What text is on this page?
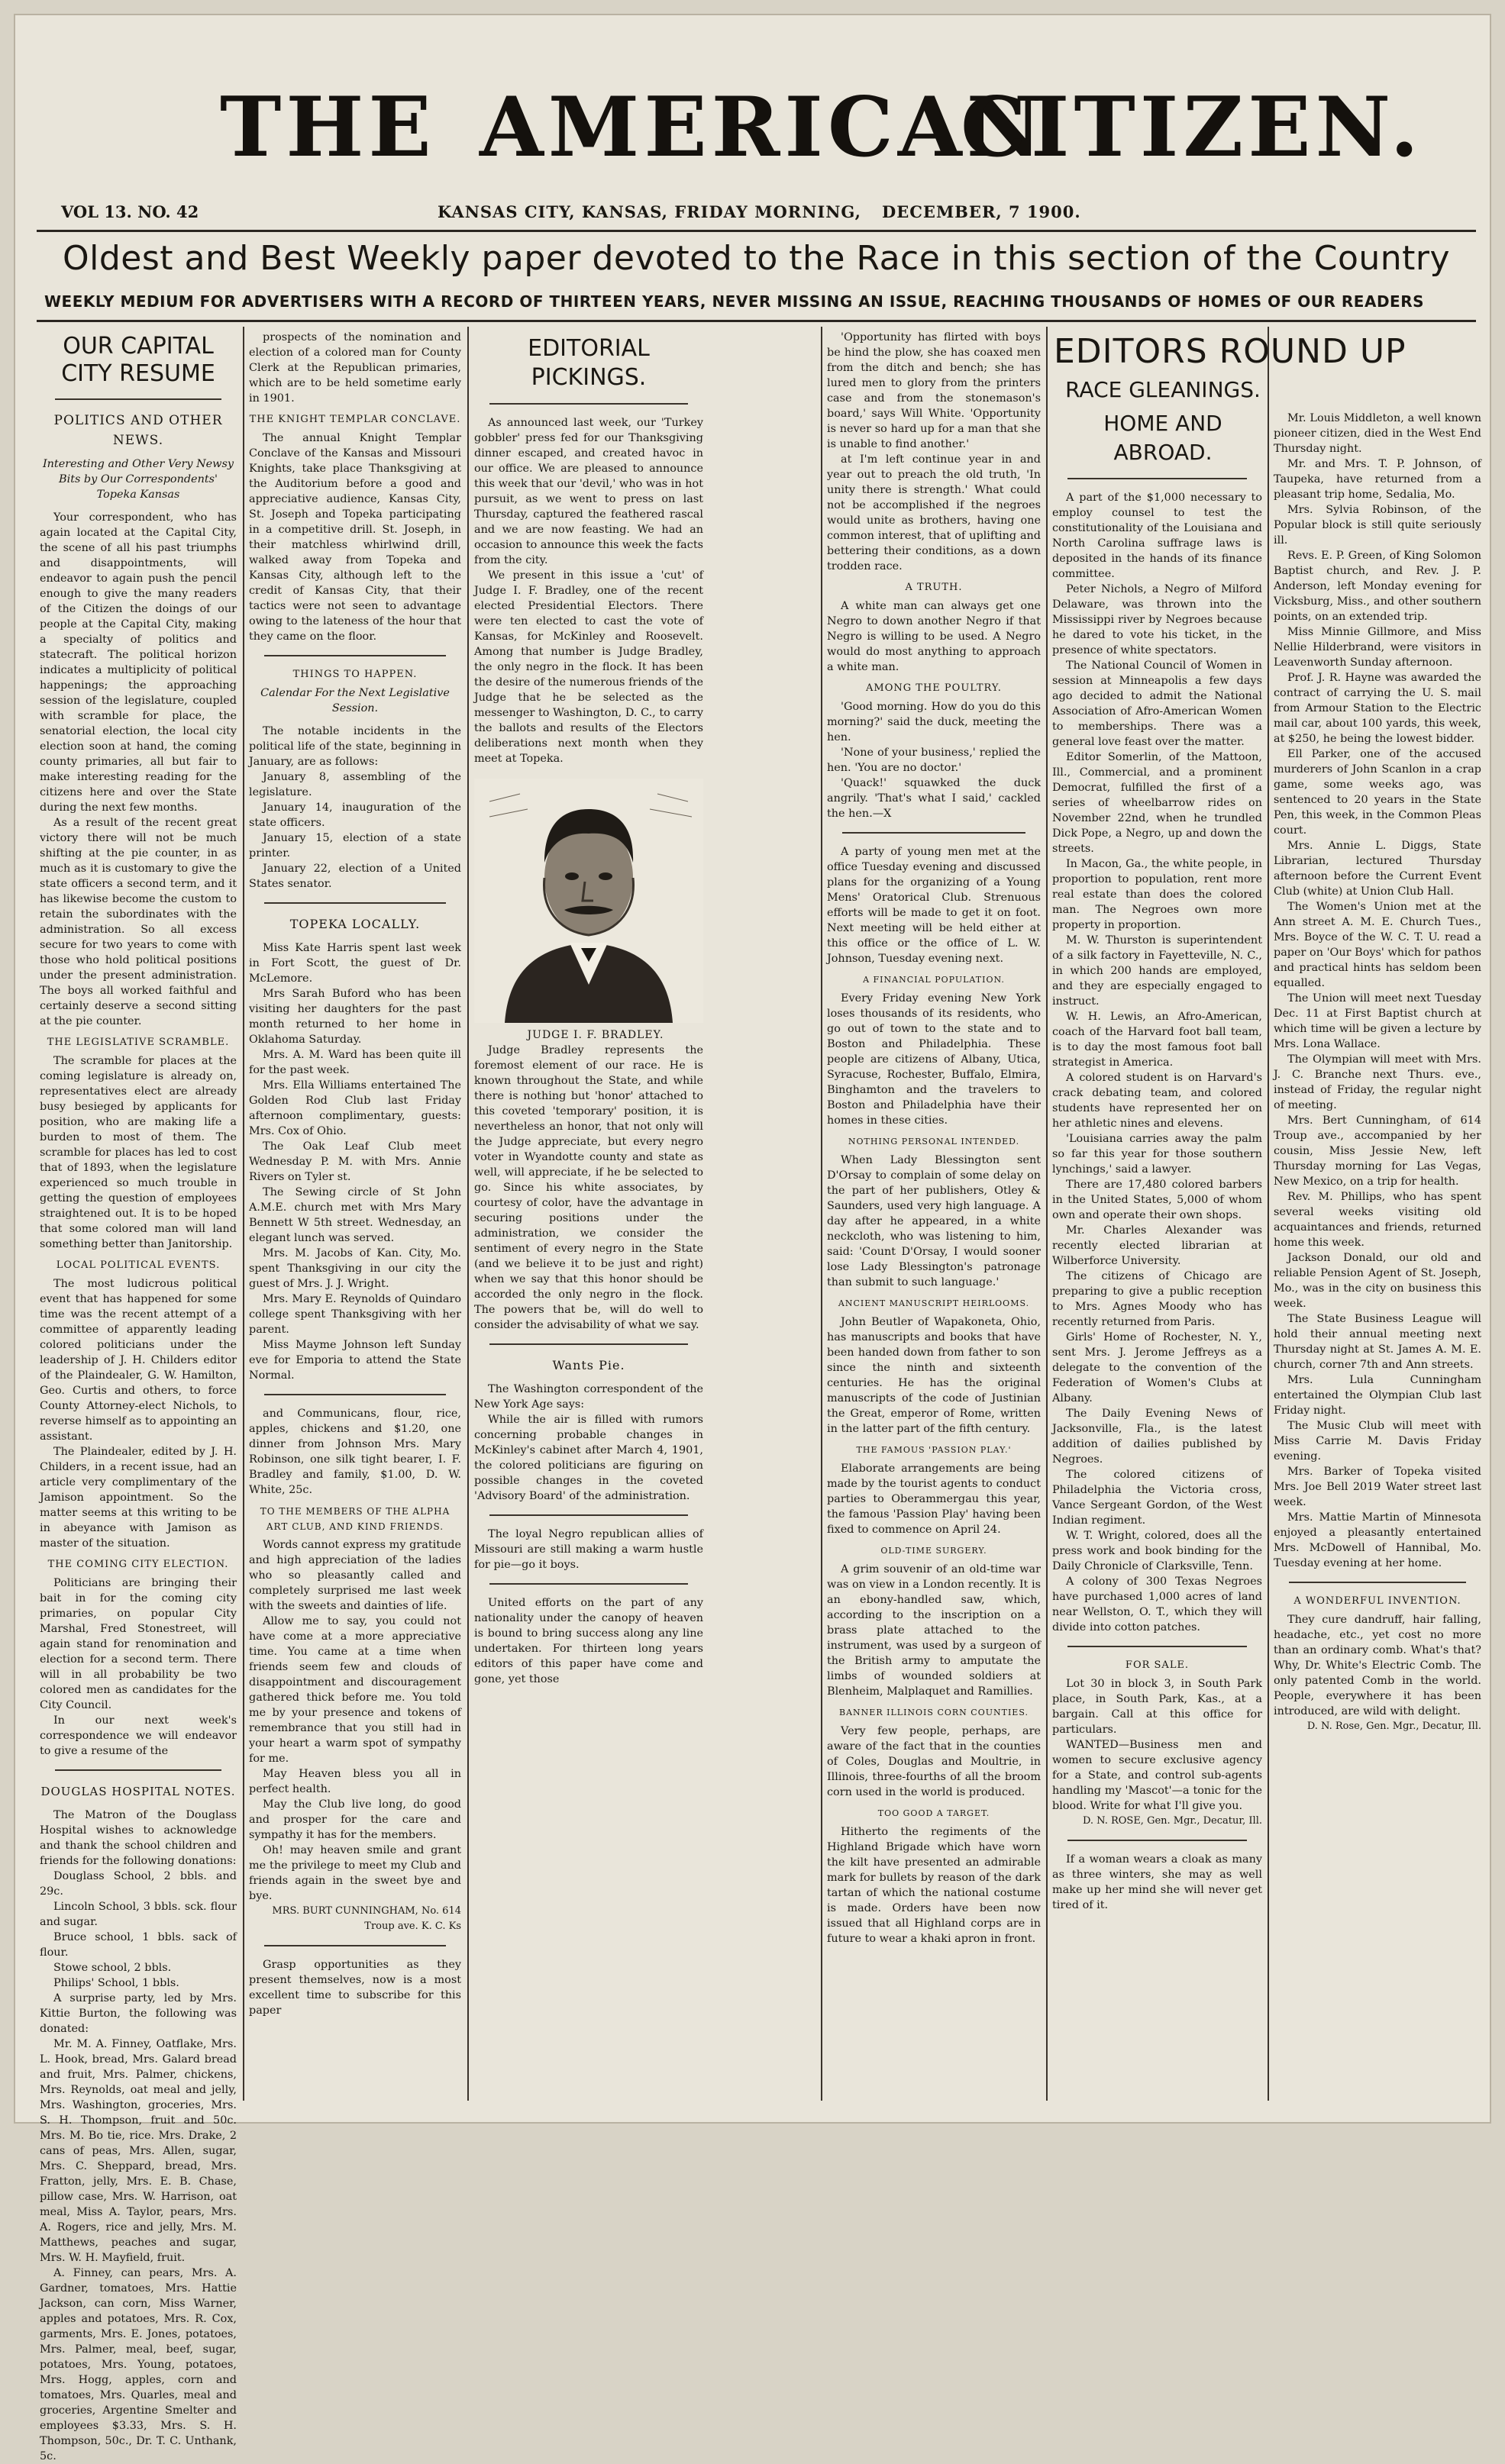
THE AMERICAN
CITIZEN.
VOL 13. NO. 42	KANSAS CITY, KANSAS, FRIDAY MORNING, DECEMBER, 7 1900.
Oldest and Best Weekly paper devoted to the Race in this section of the Country
WEEKLY MEDIUM FOR ADVERTISERS WITH A RECORD OF THIRTEEN YEARS, NEVER MISSING AN ISSUE, REACHING THOUSANDS OF HOMES OF OUR READERS
OUR CAPITAL CITY RESUME
POLITICS AND OTHER NEWS.

Interesting and Other Very Newsy Bits by Our Correspondents' Topeka Kansas

Your correspondent, who has again located at the Capital City, the scene of all his past triumphs and disappointments, will endeavor to again push the pencil enough to give the many readers of the Citizen the doings of our people at the Capital City, making a specialty of politics and statecraft. The political horizon indicates a multiplicity of political happenings; the approaching session of the legislature, coupled with scramble for place, the senatorial election, the local city election soon at hand, the coming county primaries, all but fair to make interesting reading for the citizens here and over the State during the next few months.

As a result of the recent great victory there will not be much shifting at the pie counter, in as much as it is customary to give the state officers a second term, and it has likewise become the custom to retain the subordinates with the administration. So all excess secure for two years to come with those who hold political positions under the present administration. The boys all worked faithful and certainly deserve a second sitting at the pie counter.

THE LEGISLATIVE SCRAMBLE.

The scramble for places at the coming legislature is already on, representatives elect are already busy besieged by applicants for position, who are making life a burden to most of them. The scramble for places has led to cost that of 1893, when the legislature experienced so much trouble in getting the question of employees straightened out. It is to be hoped that some colored man will land something better than Janitorship.

LOCAL POLITICAL EVENTS.

The most ludicrous political event that has happened for some time was the recent attempt of a committee of apparently leading colored politicians under the leadership of J. H. Childers editor of the Plaindealer, G. W. Hamilton, Geo. Curtis and others, to force County Attorney-elect Nichols, to reverse himself as to appointing an assistant.

The Plaindealer, edited by J. H. Childers, in a recent issue, had an article very complimentary of the Jamison appointment. So the matter seems at this writing to be in abeyance with Jamison as master of the situation.

THE COMING CITY ELECTION.

Politicians are bringing their bait in for the coming city primaries, on popular City Marshal, Fred Stonestreet, will again stand for renomination and election for a second term. There will in all probability be two colored men as candidates for the City Council.

In our next week's correspondence we will endeavor to give a resume of the

DOUGLAS HOSPITAL NOTES.

The Matron of the Douglass Hospital wishes to acknowledge and thank the school children and friends for the following donations:

Douglass School, 2 bbls. and 29c.

Lincoln School, 3 bbls. sck. flour and sugar.

Bruce school, 1 bbls. sack of flour.

Stowe school, 2 bbls.

Philips' School, 1 bbls.

A surprise party, led by Mrs. Kittie Burton, the following was donated:

Mr. M. A. Finney, Oatflake, Mrs. L. Hook, bread, Mrs. Galard bread and fruit, Mrs. Palmer, chickens, Mrs. Reynolds, oat meal and jelly, Mrs. Washington, groceries, Mrs. S. H. Thompson, fruit and 50c. Mrs. M. Bo tie, rice. Mrs. Drake, 2 cans of peas, Mrs. Allen, sugar, Mrs. C. Sheppard, bread, Mrs. Fratton, jelly, Mrs. E. B. Chase, pillow case, Mrs. W. Harrison, oat meal, Miss A. Taylor, pears, Mrs. A. Rogers, rice and jelly, Mrs. M. Matthews, peaches and sugar, Mrs. W. H. Mayfield, fruit.

A. Finney, can pears, Mrs. A. Gardner, tomatoes, Mrs. Hattie Jackson, can corn, Miss Warner, apples and potatoes, Mrs. R. Cox, garments, Mrs. E. Jones, potatoes, Mrs. Palmer, meal, beef, sugar, potatoes, Mrs. Young, potatoes, Mrs. Hogg, apples, corn and tomatoes, Mrs. Quarles, meal and groceries, Argentine Smelter and employees $3.33, Mrs. S. H. Thompson, 50c., Dr. T. C. Unthank, 5c.

prospects of the nomination and election of a colored man for County Clerk at the Republican primaries, which are to be held sometime early in 1901.

THE KNIGHT TEMPLAR CONCLAVE.

The annual Knight Templar Conclave of the Kansas and Missouri Knights, take place Thanksgiving at the Auditorium before a good and appreciative audience, Kansas City, St. Joseph and Topeka participating in a competitive drill. St. Joseph, in their matchless whirlwind drill, walked away from Topeka and Kansas City, although left to the credit of Kansas City, that their tactics were not seen to advantage owing to the lateness of the hour that they came on the floor.

THINGS TO HAPPEN.

Calendar For the Next Legislative Session.

The notable incidents in the political life of the state, beginning in January, are as follows:

January 8, assembling of the legislature.

January 14, inauguration of the state officers.

January 15, election of a state printer.

January 22, election of a United States senator.

TOPEKA LOCALLY.

Miss Kate Harris spent last week in Fort Scott, the guest of Dr. McLemore.

Mrs Sarah Buford who has been visiting her daughters for the past month returned to her home in Oklahoma Saturday.

Mrs. A. M. Ward has been quite ill for the past week.

Mrs. Ella Williams entertained The Golden Rod Club last Friday afternoon complimentary, guests: Mrs. Cox of Ohio.

The Oak Leaf Club meet Wednesday P. M. with Mrs. Annie Rivers on Tyler st.

The Sewing circle of St John A.M.E. church met with Mrs Mary Bennett W 5th street. Wednesday, an elegant lunch was served.

Mrs. M. Jacobs of Kan. City, Mo. spent Thanksgiving in our city the guest of Mrs. J. J. Wright.

Mrs. Mary E. Reynolds of Quindaro college spent Thanksgiving with her parent.

Miss Mayme Johnson left Sunday eve for Emporia to attend the State Normal.

and Communicans, flour, rice, apples, chickens and $1.20, one dinner from Johnson Mrs. Mary Robinson, one silk tight bearer, I. F. Bradley and family, $1.00, D. W. White, 25c.

TO THE MEMBERS OF THE ALPHA ART CLUB, AND KIND FRIENDS.

Words cannot express my gratitude and high appreciation of the ladies who so pleasantly called and completely surprised me last week with the sweets and dainties of life.

Allow me to say, you could not have come at a more appreciative time. You came at a time when friends seem few and clouds of disappointment and discouragement gathered thick before me. You told me by your presence and tokens of remembrance that you still had in your heart a warm spot of sympathy for me.

May Heaven bless you all in perfect health.

May the Club live long, do good and prosper for the care and sympathy it has for the members.

Oh! may heaven smile and grant me the privilege to meet my Club and friends again in the sweet bye and bye.

MRS. BURT CUNNINGHAM, No. 614 Troup ave. K. C. Ks

Grasp opportunities as they present themselves, now is a most excellent time to subscribe for this paper

EDITORIAL PICKINGS.

As announced last week, our 'Turkey gobbler' press fed for our Thanksgiving dinner escaped, and created havoc in our office. We are pleased to announce this week that our 'devil,' who was in hot pursuit, as we went to press on last Thursday, captured the feathered rascal and we are now feasting. We had an occasion to announce this week the facts from the city.

We present in this issue a 'cut' of Judge I. F. Bradley, one of the recent elected Presidential Electors. There were ten elected to cast the vote of Kansas, for McKinley and Roosevelt. Among that number is Judge Bradley, the only negro in the flock. It has been the desire of the numerous friends of the Judge that he be selected as the messenger to Washington, D. C., to carry the ballots and results of the Electors deliberations next month when they meet at Topeka.

JUDGE I. F. BRADLEY.

Judge Bradley represents the foremost element of our race. He is known throughout the State, and while there is nothing but 'honor' attached to this coveted 'temporary' position, it is nevertheless an honor, that not only will the Judge appreciate, but every negro voter in Wyandotte county and state as well, will appreciate, if he be selected to go. Since his white associates, by courtesy of color, have the advantage in securing positions under the administration, we consider the sentiment of every negro in the State (and we believe it to be just and right) when we say that this honor should be accorded the only negro in the flock. The powers that be, will do well to consider the advisability of what we say.

Wants Pie.

The Washington correspondent of the New York Age says:

While the air is filled with rumors concerning probable changes in McKinley's cabinet after March 4, 1901, the colored politicians are figuring on possible changes in the coveted 'Advisory Board' of the administration.

The loyal Negro republican allies of Missouri are still making a warm hustle for pie—go it boys.

United efforts on the part of any nationality under the canopy of heaven is bound to bring success along any line undertaken. For thirteen long years editors of this paper have come and gone, yet those

'Opportunity has flirted with boys be hind the plow, she has coaxed men from the ditch and bench; she has lured men to glory from the printers case and from the stonemason's board,' says Will White. 'Opportunity is never so hard up for a man that she is unable to find another.'

at I'm left continue year in and year out to preach the old truth, 'In unity there is strength.' What could not be accomplished if the negroes would unite as brothers, having one common interest, that of uplifting and bettering their conditions, as a down trodden race.

A TRUTH.

A white man can always get one Negro to down another Negro if that Negro is willing to be used. A Negro would do most anything to approach a white man.

AMONG THE POULTRY.

'Good morning. How do you do this morning?' said the duck, meeting the hen.

'None of your business,' replied the hen. 'You are no doctor.'

'Quack!' squawked the duck angrily. 'That's what I said,' cackled the hen.—X

A party of young men met at the office Tuesday evening and discussed plans for the organizing of a Young Mens' Oratorical Club. Strenuous efforts will be made to get it on foot. Next meeting will be held either at this office or the office of L. W. Johnson, Tuesday evening next.

A FINANCIAL POPULATION.

Every Friday evening New York loses thousands of its residents, who go out of town to the state and to Boston and Philadelphia. These people are citizens of Albany, Utica, Syracuse, Rochester, Buffalo, Elmira, Binghamton and the travelers to Boston and Philadelphia have their homes in these cities.

NOTHING PERSONAL INTENDED.

When Lady Blessington sent D'Orsay to complain of some delay on the part of her publishers, Otley & Saunders, used very high language. A day after he appeared, in a white neckcloth, who was listening to him, said: 'Count D'Orsay, I would sooner lose Lady Blessington's patronage than submit to such language.'

ANCIENT MANUSCRIPT HEIRLOOMS.

John Beutler of Wapakoneta, Ohio, has manuscripts and books that have been handed down from father to son since the ninth and sixteenth centuries. He has the original manuscripts of the code of Justinian the Great, emperor of Rome, written in the latter part of the fifth century.

THE FAMOUS 'PASSION PLAY.'

Elaborate arrangements are being made by the tourist agents to conduct parties to Oberammergau this year, the famous 'Passion Play' having been fixed to commence on April 24.

OLD-TIME SURGERY.

A grim souvenir of an old-time war was on view in a London recently. It is an ebony-handled saw, which, according to the inscription on a brass plate attached to the instrument, was used by a surgeon of the British army to amputate the limbs of wounded soldiers at Blenheim, Malplaquet and Ramillies.

BANNER ILLINOIS CORN COUNTIES.

Very few people, perhaps, are aware of the fact that in the counties of Coles, Douglas and Moultrie, in Illinois, three-fourths of all the broom corn used in the world is produced.

TOO GOOD A TARGET.

Hitherto the regiments of the Highland Brigade which have worn the kilt have presented an admirable mark for bullets by reason of the dark tartan of which the national costume is made. Orders have been now issued that all Highland corps are in future to wear a khaki apron in front.

EDITORS ROUND UP
RACE GLEANINGS.
HOME AND ABROAD.

A part of the $1,000 necessary to employ counsel to test the constitutionality of the Louisiana and North Carolina suffrage laws is deposited in the hands of its finance committee.

Peter Nichols, a Negro of Milford Delaware, was thrown into the Mississippi river by Negroes because he dared to vote his ticket, in the presence of white spectators.

The National Council of Women in session at Minneapolis a few days ago decided to admit the National Association of Afro-American Women to memberships. There was a general love feast over the matter.

Editor Somerlin, of the Mattoon, Ill., Commercial, and a prominent Democrat, fulfilled the first of a series of wheelbarrow rides on November 22nd, when he trundled Dick Pope, a Negro, up and down the streets.

In Macon, Ga., the white people, in proportion to population, rent more real estate than does the colored man. The Negroes own more property in proportion.

M. W. Thurston is superintendent of a silk factory in Fayetteville, N. C., in which 200 hands are employed, and they are especially engaged to instruct.

W. H. Lewis, an Afro-American, coach of the Harvard foot ball team, is to day the most famous foot ball strategist in America.

A colored student is on Harvard's crack debating team, and colored students have represented her on her athletic nines and elevens.

'Louisiana carries away the palm so far this year for those southern lynchings,' said a lawyer.

There are 17,480 colored barbers in the United States, 5,000 of whom own and operate their own shops.

Mr. Charles Alexander was recently elected librarian at Wilberforce University.

The citizens of Chicago are preparing to give a public reception to Mrs. Agnes Moody who has recently returned from Paris.

Girls' Home of Rochester, N. Y., sent Mrs. J. Jerome Jeffreys as a delegate to the convention of the Federation of Women's Clubs at Albany.

The Daily Evening News of Jacksonville, Fla., is the latest addition of dailies published by Negroes.

The colored citizens of Philadelphia the Victoria cross, Vance Sergeant Gordon, of the West Indian regiment.

W. T. Wright, colored, does all the press work and book binding for the Daily Chronicle of Clarksville, Tenn.

A colony of 300 Texas Negroes have purchased 1,000 acres of land near Wellston, O. T., which they will divide into cotton patches.

FOR SALE.

Lot 30 in block 3, in South Park place, in South Park, Kas., at a bargain. Call at this office for particulars.

WANTED—Business men and women to secure exclusive agency for a State, and control sub-agents handling my 'Mascot'—a tonic for the blood. Write for what I'll give you.

D. N. ROSE, Gen. Mgr., Decatur, Ill.

If a woman wears a cloak as many as three winters, she may as well make up her mind she will never get tired of it.

Mr. Louis Middleton, a well known pioneer citizen, died in the West End Thursday night.

Mr. and Mrs. T. P. Johnson, of Taupeka, have returned from a pleasant trip home, Sedalia, Mo.

Mrs. Sylvia Robinson, of the Popular block is still quite seriously ill.

Revs. E. P. Green, of King Solomon Baptist church, and Rev. J. P. Anderson, left Monday evening for Vicksburg, Miss., and other southern points, on an extended trip.

Miss Minnie Gillmore, and Miss Nellie Hilderbrand, were visitors in Leavenworth Sunday afternoon.

Prof. J. R. Hayne was awarded the contract of carrying the U. S. mail from Armour Station to the Electric mail car, about 100 yards, this week, at $250, he being the lowest bidder.

Ell Parker, one of the accused murderers of John Scanlon in a crap game, some weeks ago, was sentenced to 20 years in the State Pen, this week, in the Common Pleas court.

Mrs. Annie L. Diggs, State Librarian, lectured Thursday afternoon before the Current Event Club (white) at Union Club Hall.

The Women's Union met at the Ann street A. M. E. Church Tues., Mrs. Boyce of the W. C. T. U. read a paper on 'Our Boys' which for pathos and practical hints has seldom been equalled.

The Union will meet next Tuesday Dec. 11 at First Baptist church at which time will be given a lecture by Mrs. Lona Wallace.

The Olympian will meet with Mrs. J. C. Branche next Thurs. eve., instead of Friday, the regular night of meeting.

Mrs. Bert Cunningham, of 614 Troup ave., accompanied by her cousin, Miss Jessie New, left Thursday morning for Las Vegas, New Mexico, on a trip for health.

Rev. M. Phillips, who has spent several weeks visiting old acquaintances and friends, returned home this week.

Jackson Donald, our old and reliable Pension Agent of St. Joseph, Mo., was in the city on business this week.

The State Business League will hold their annual meeting next Thursday night at St. James A. M. E. church, corner 7th and Ann streets.

Mrs. Lula Cunningham entertained the Olympian Club last Friday night.

The Music Club will meet with Miss Carrie M. Davis Friday evening.

Mrs. Barker of Topeka visited Mrs. Joe Bell 2019 Water street last week.

Mrs. Mattie Martin of Minnesota enjoyed a pleasantly entertained Mrs. McDowell of Hannibal, Mo. Tuesday evening at her home.

A WONDERFUL INVENTION.

They cure dandruff, hair falling, headache, etc., yet cost no more than an ordinary comb. What's that? Why, Dr. White's Electric Comb. The only patented Comb in the world. People, everywhere it has been introduced, are wild with delight.

D. N. Rose, Gen. Mgr., Decatur, Ill.
